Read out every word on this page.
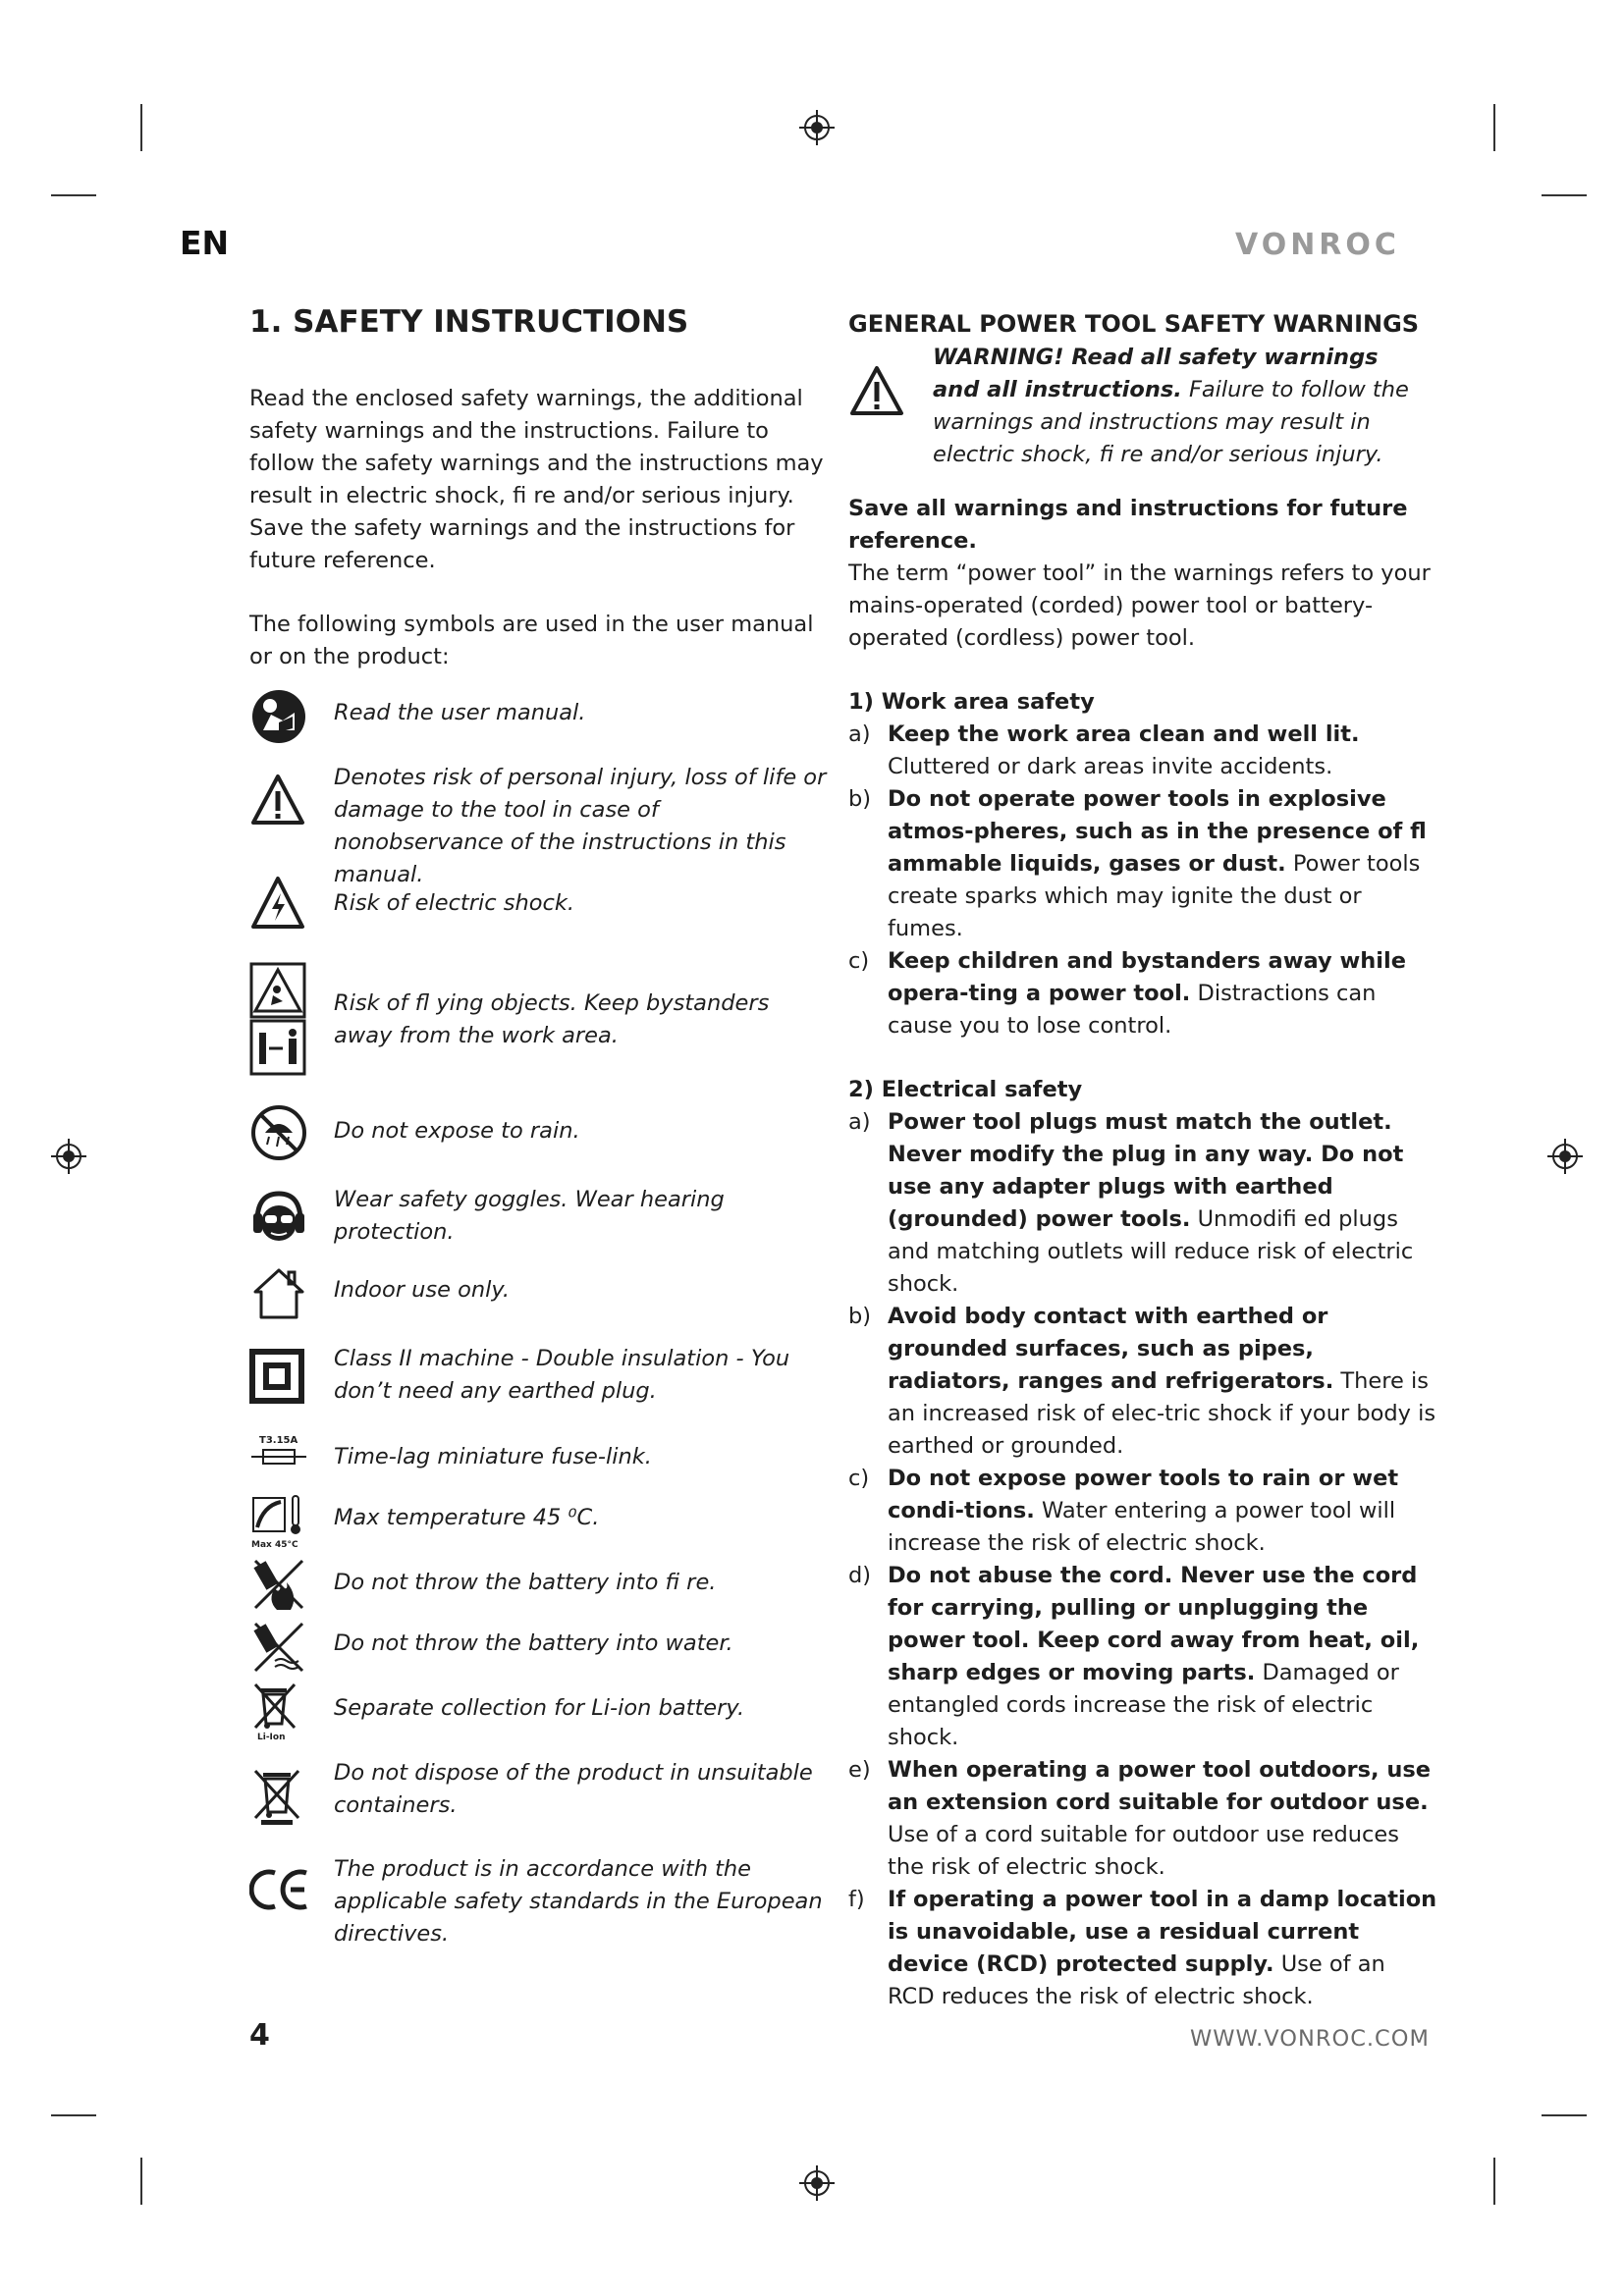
EN	VONROC
1. SAFETY INSTRUCTIONS

Read the enclosed safety warnings, the additional safety warnings and the instructions. Failure to follow the safety warnings and the instructions may result in electric shock, fi re and/or serious injury. Save the safety warnings and the instructions for future reference.

The following symbols are used in the user manual or on the product:

Read the user manual.
Denotes risk of personal injury, loss of life or damage to the tool in case of nonobservance of the instructions in this manual.
Risk of electric shock.
Risk of fl ying objects. Keep bystanders away from the work area.
Do not expose to rain.
Wear safety goggles. Wear hearing protection.
Indoor use only.
Class II machine - Double insulation - You don’t need any earthed plug.
T3.15A
Time-lag miniature fuse-link.
Max 45°C
Max temperature 45 ⁰C.
Do not throw the battery into fi re.
Do not throw the battery into water.
Li-Ion
Separate collection for Li-ion battery.
Do not dispose of the product in unsuitable containers.
The product is in accordance with the applicable safety standards in the European directives.
GENERAL POWER TOOL SAFETY WARNINGS
WARNING! Read all safety warnings and all instructions. Failure to follow the warnings and instructions may result in electric shock, fi re and/or serious injury.
Save all warnings and instructions for future reference.
The term “power tool” in the warnings refers to your mains-operated (corded) power tool or battery-operated (cordless) power tool.
1) Work area safety
a) Keep the work area clean and well lit. Cluttered or dark areas invite accidents.
b) Do not operate power tools in explosive atmos-pheres, such as in the presence of fl ammable liquids, gases or dust. Power tools create sparks which may ignite the dust or fumes.
c) Keep children and bystanders away while opera-ting a power tool. Distractions can cause you to lose control.
2) Electrical safety
a) Power tool plugs must match the outlet. Never modify the plug in any way. Do not use any adapter plugs with earthed (grounded) power tools. Unmodifi ed plugs and matching outlets will reduce risk of electric shock.
b) Avoid body contact with earthed or grounded surfaces, such as pipes, radiators, ranges and refrigerators. There is an increased risk of elec-tric shock if your body is earthed or grounded.
c) Do not expose power tools to rain or wet condi-tions. Water entering a power tool will increase the risk of electric shock.
d) Do not abuse the cord. Never use the cord for carrying, pulling or unplugging the power tool. Keep cord away from heat, oil, sharp edges or moving parts. Damaged or entangled cords increase the risk of electric shock.
e) When operating a power tool outdoors, use an extension cord suitable for outdoor use. Use of a cord suitable for outdoor use reduces the risk of electric shock.
f) If operating a power tool in a damp location is unavoidable, use a residual current device (RCD) protected supply. Use of an RCD reduces the risk of electric shock.
4	WWW.VONROC.COM
